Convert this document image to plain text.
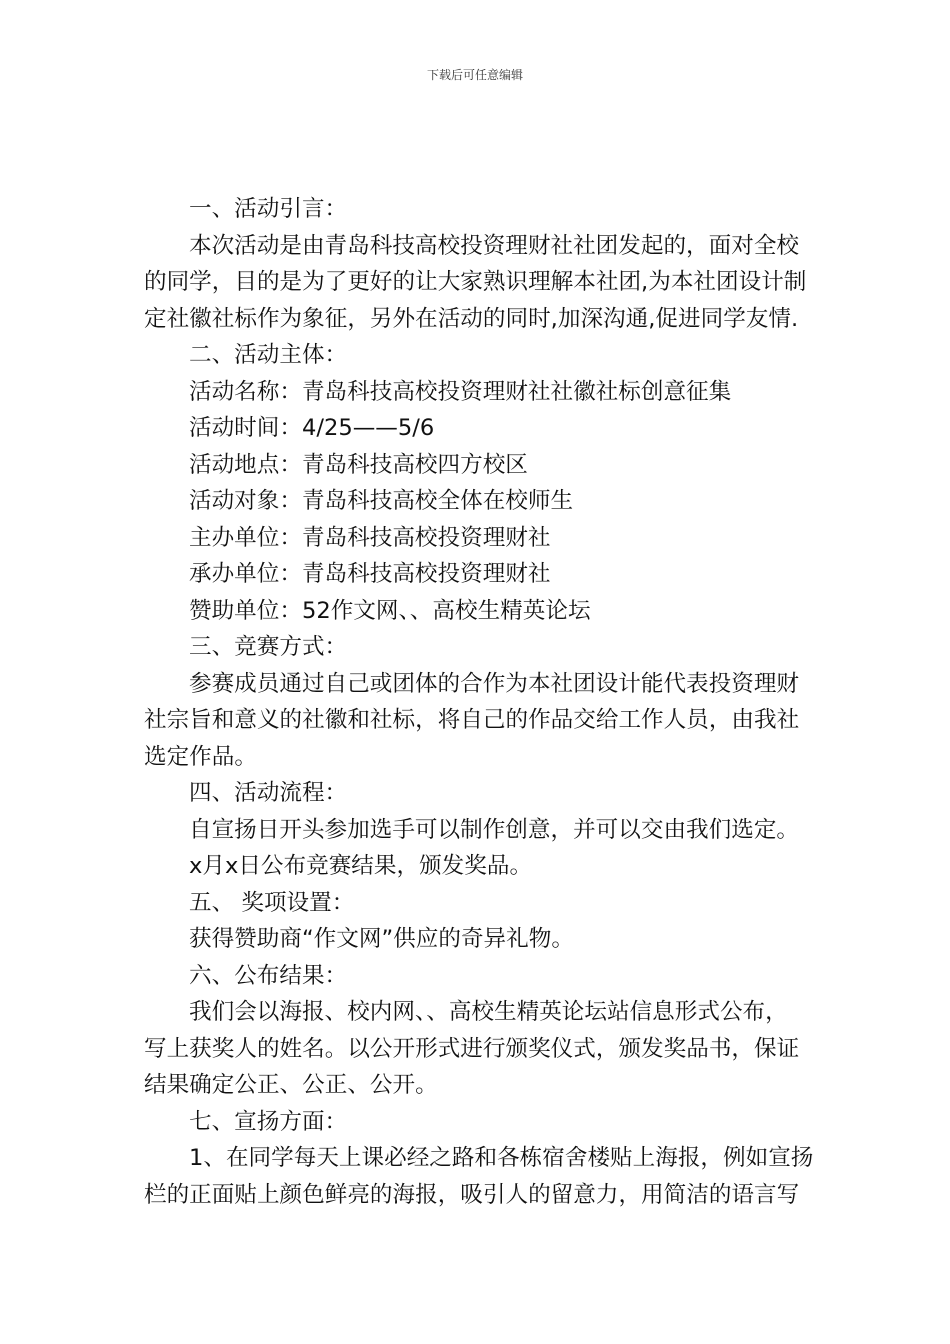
下载后可任意编辑
一、活动引言：
本次活动是由青岛科技高校投资理财社社团发起的，面对全校
的同学，目的是为了更好的让大家熟识理解本社团,为本社团设计制
定社徽社标作为象征，另外在活动的同时,加深沟通,促进同学友情.
二、活动主体：
活动名称：青岛科技高校投资理财社社徽社标创意征集
活动时间：4/25——5/6
活动地点：青岛科技高校四方校区
活动对象：青岛科技高校全体在校师生
主办单位：青岛科技高校投资理财社
承办单位：青岛科技高校投资理财社
赞助单位：52作文网、、高校生精英论坛
三、竞赛方式：
参赛成员通过自己或团体的合作为本社团设计能代表投资理财
社宗旨和意义的社徽和社标，将自己的作品交给工作人员，由我社
选定作品。
四、活动流程：
自宣扬日开头参加选手可以制作创意，并可以交由我们选定。
x月x日公布竞赛结果，颁发奖品。
五、 奖项设置：
获得赞助商“作文网”供应的奇异礼物。
六、公布结果：
我们会以海报、校内网、、高校生精英论坛站信息形式公布，
写上获奖人的姓名。以公开形式进行颁奖仪式，颁发奖品书，保证
结果确定公正、公正、公开。
七、宣扬方面：
1、在同学每天上课必经之路和各栋宿舍楼贴上海报，例如宣扬
栏的正面贴上颜色鲜亮的海报，吸引人的留意力，用简洁的语言写
